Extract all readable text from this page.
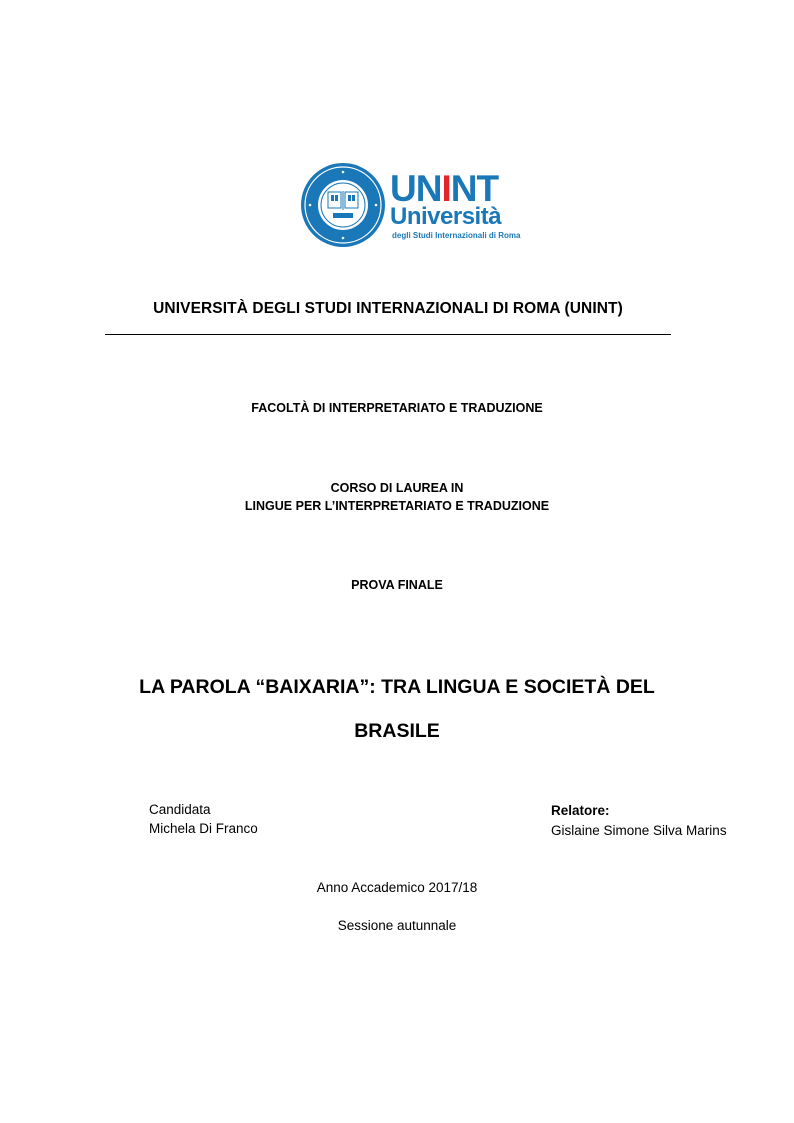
UNINT
Università
degli Studi Internazionali di Roma
UNIVERSITÀ DEGLI STUDI INTERNAZIONALI DI ROMA (UNINT)
FACOLTÀ DI INTERPRETARIATO E TRADUZIONE
CORSO DI LAUREA IN
LINGUE PER L’INTERPRETARIATO E TRADUZIONE
PROVA FINALE
LA PAROLA “BAIXARIA”: TRA LINGUA E SOCIETÀ DEL
BRASILE
Candidata
Michela Di Franco
Relatore:
Gislaine Simone Silva Marins
Anno Accademico 2017/18
Sessione autunnale
